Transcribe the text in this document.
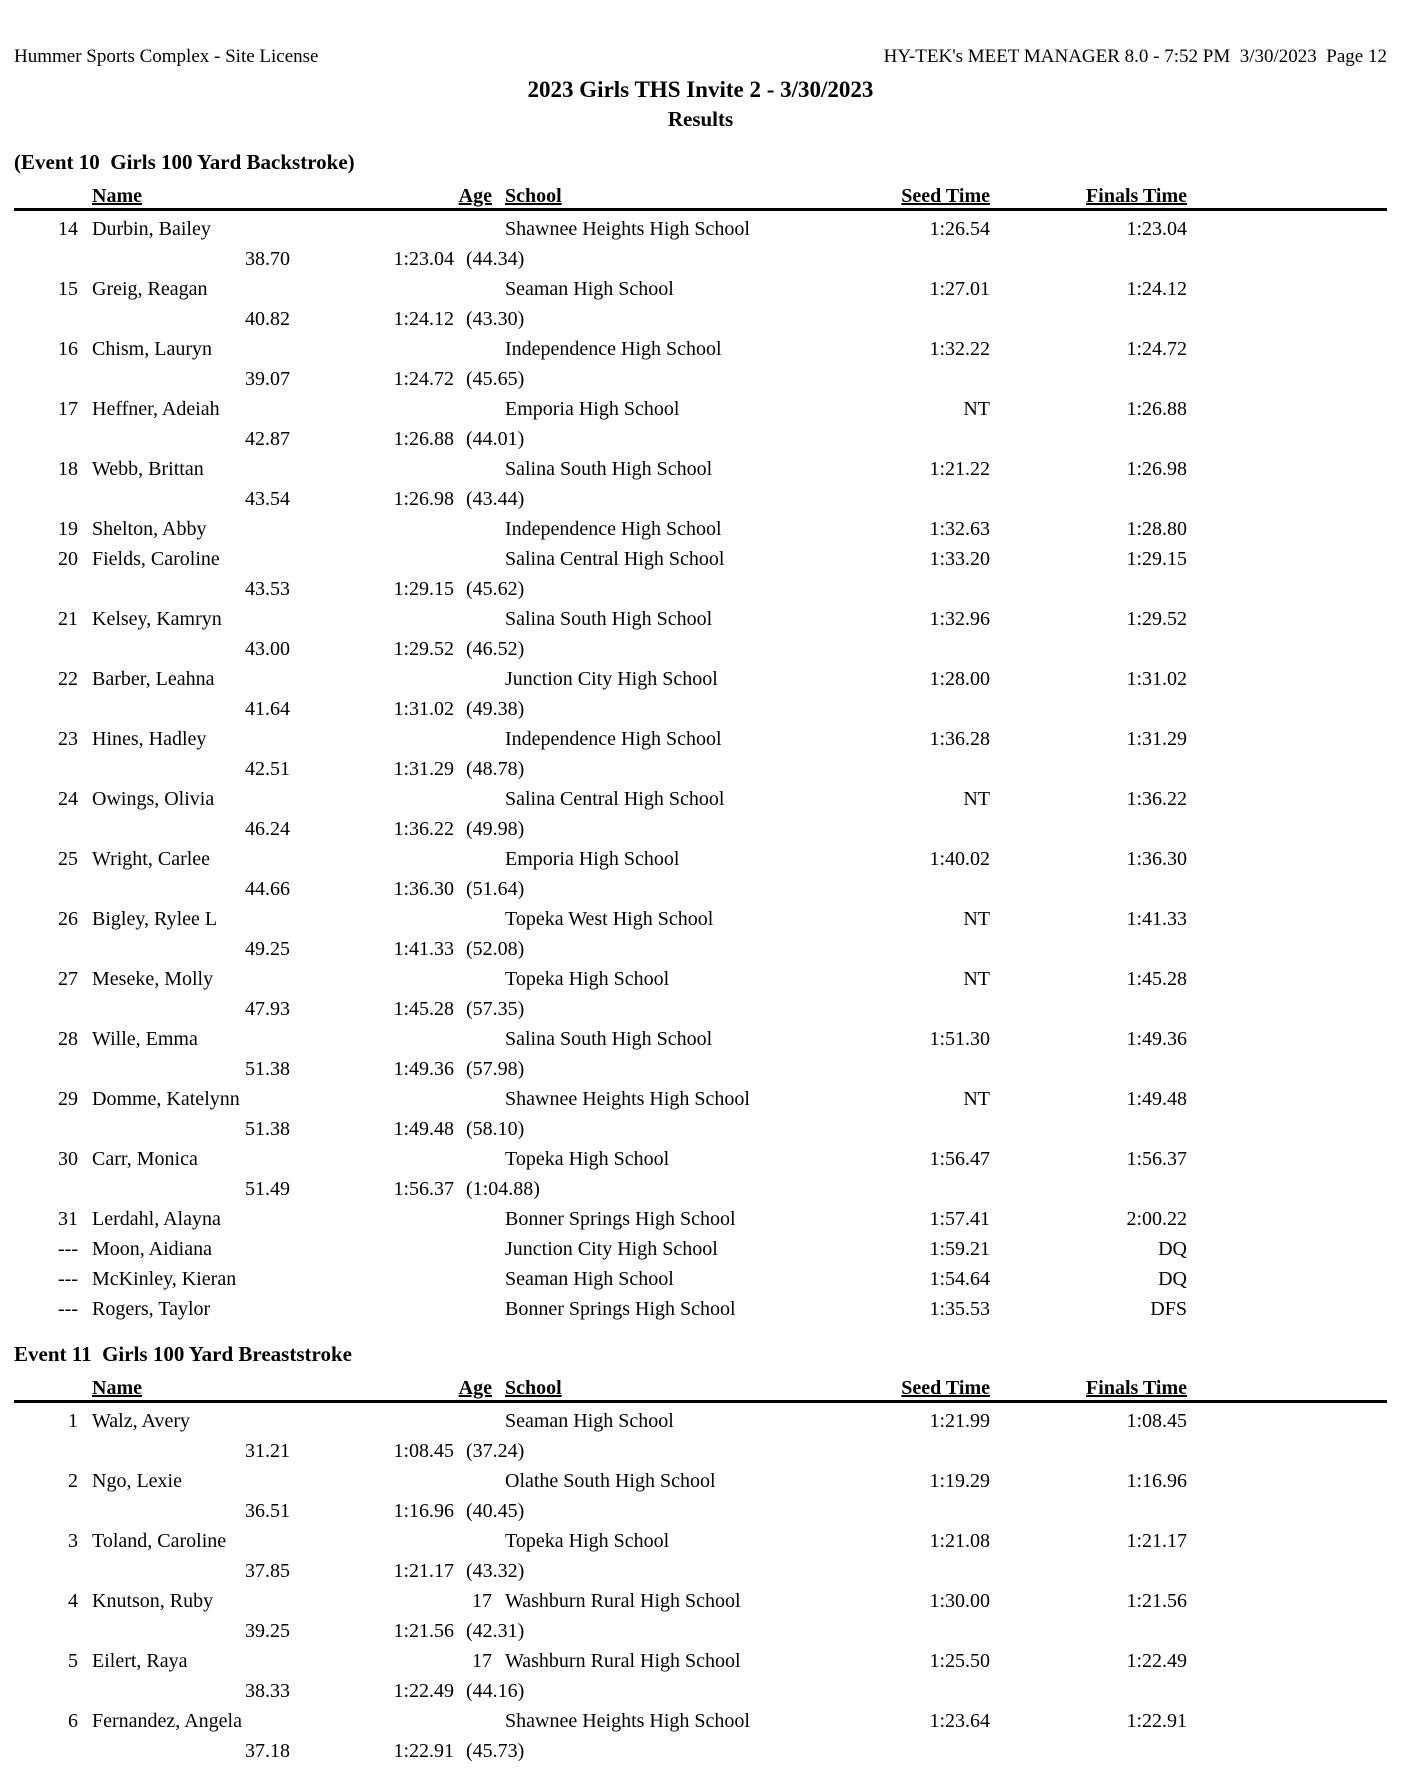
Hummer Sports Complex - Site License	HY-TEK's MEET MANAGER 8.0 - 7:52 PM  3/30/2023  Page 12
2023 Girls THS Invite 2 - 3/30/2023
Results
(Event 10  Girls 100 Yard Backstroke)
Name	Age School	Seed Time	Finals Time
14 Durbin, Bailey	Shawnee Heights High School	1:26.54	1:23.04
38.70	1:23.04 (44.34)
15 Greig, Reagan	Seaman High School	1:27.01	1:24.12
40.82	1:24.12 (43.30)
16 Chism, Lauryn	Independence High School	1:32.22	1:24.72
39.07	1:24.72 (45.65)
17 Heffner, Adeiah	Emporia High School	NT	1:26.88
42.87	1:26.88 (44.01)
18 Webb, Brittan	Salina South High School	1:21.22	1:26.98
43.54	1:26.98 (43.44)
19 Shelton, Abby	Independence High School	1:32.63	1:28.80
20 Fields, Caroline	Salina Central High School	1:33.20	1:29.15
43.53	1:29.15 (45.62)
21 Kelsey, Kamryn	Salina South High School	1:32.96	1:29.52
43.00	1:29.52 (46.52)
22 Barber, Leahna	Junction City High School	1:28.00	1:31.02
41.64	1:31.02 (49.38)
23 Hines, Hadley	Independence High School	1:36.28	1:31.29
42.51	1:31.29 (48.78)
24 Owings, Olivia	Salina Central High School	NT	1:36.22
46.24	1:36.22 (49.98)
25 Wright, Carlee	Emporia High School	1:40.02	1:36.30
44.66	1:36.30 (51.64)
26 Bigley, Rylee L	Topeka West High School	NT	1:41.33
49.25	1:41.33 (52.08)
27 Meseke, Molly	Topeka High School	NT	1:45.28
47.93	1:45.28 (57.35)
28 Wille, Emma	Salina South High School	1:51.30	1:49.36
51.38	1:49.36 (57.98)
29 Domme, Katelynn	Shawnee Heights High School	NT	1:49.48
51.38	1:49.48 (58.10)
30 Carr, Monica	Topeka High School	1:56.47	1:56.37
51.49	1:56.37 (1:04.88)
31 Lerdahl, Alayna	Bonner Springs High School	1:57.41	2:00.22
--- Moon, Aidiana	Junction City High School	1:59.21	DQ
--- McKinley, Kieran	Seaman High School	1:54.64	DQ
--- Rogers, Taylor	Bonner Springs High School	1:35.53	DFS
Event 11  Girls 100 Yard Breaststroke
Name	Age School	Seed Time	Finals Time
1 Walz, Avery	Seaman High School	1:21.99	1:08.45
31.21	1:08.45 (37.24)
2 Ngo, Lexie	Olathe South High School	1:19.29	1:16.96
36.51	1:16.96 (40.45)
3 Toland, Caroline	Topeka High School	1:21.08	1:21.17
37.85	1:21.17 (43.32)
4 Knutson, Ruby	17 Washburn Rural High School	1:30.00	1:21.56
39.25	1:21.56 (42.31)
5 Eilert, Raya	17 Washburn Rural High School	1:25.50	1:22.49
38.33	1:22.49 (44.16)
6 Fernandez, Angela	Shawnee Heights High School	1:23.64	1:22.91
37.18	1:22.91 (45.73)
